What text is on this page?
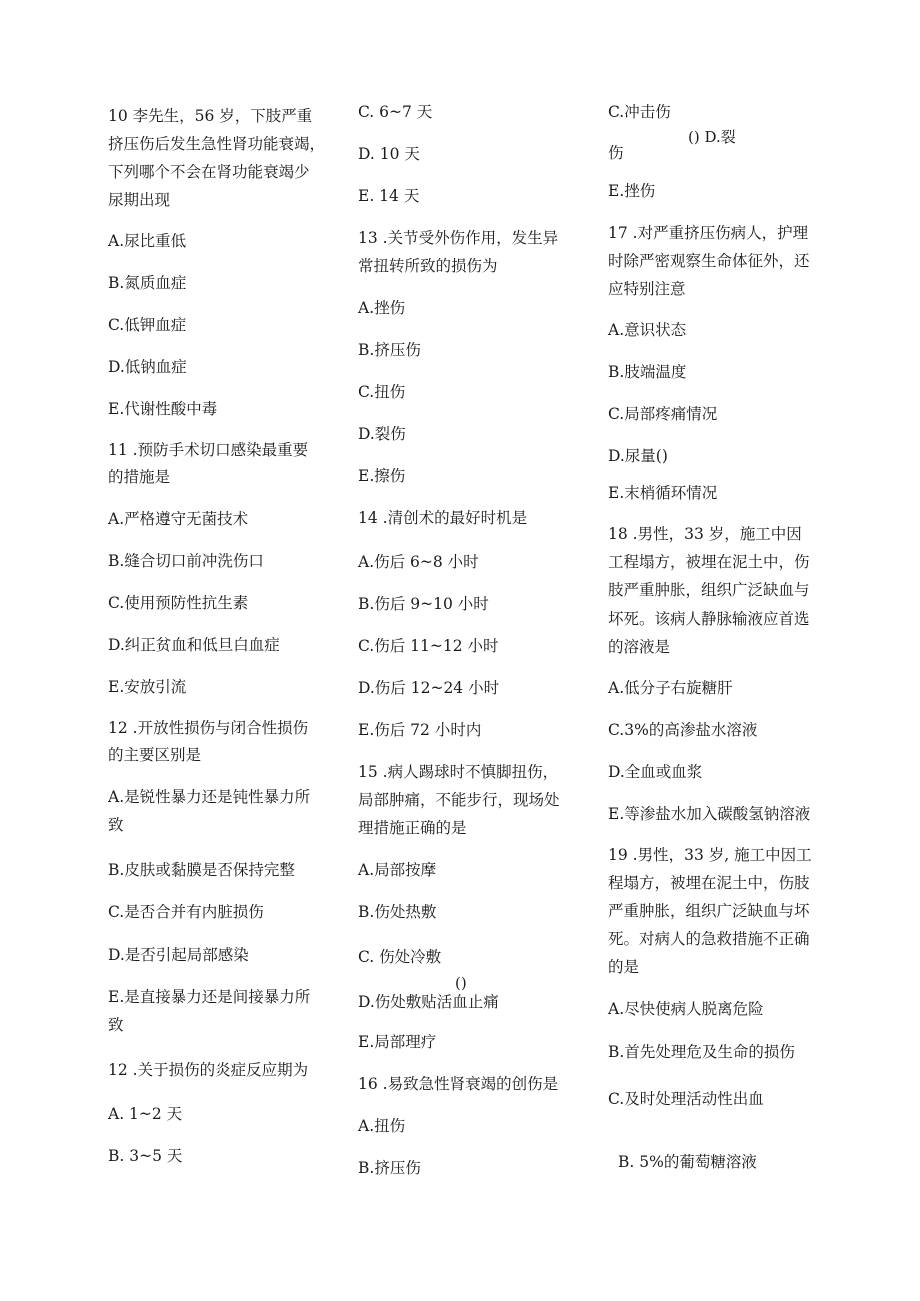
10 李先生，56 岁，下肢严重
挤压伤后发生急性肾功能衰竭，
下列哪个不会在肾功能衰竭少
尿期出现
A.尿比重低
B.氮质血症
C.低钾血症
D.低钠血症
E.代谢性酸中毒
11 .预防手术切口感染最重要
的措施是
A.严格遵守无菌技术
B.缝合切口前冲洗伤口
C.使用预防性抗生素
D.纠正贫血和低旦白血症
E.安放引流
12 .开放性损伤与闭合性损伤
的主要区别是
A.是锐性暴力还是钝性暴力所
致
B.皮肤或黏膜是否保持完整
C.是否合并有内脏损伤
D.是否引起局部感染
E.是直接暴力还是间接暴力所
致
12 .关于损伤的炎症反应期为
A. 1~2 天
B. 3~5 天
()
C. 6~7 天
D. 10 天
E. 14 天
13 .关节受外伤作用，发生异
常扭转所致的损伤为
A.挫伤
B.挤压伤
C.扭伤
D.裂伤
E.擦伤
14 .清创术的最好时机是
A.伤后 6~8 小时
B.伤后 9~10 小时
C.伤后 11~12 小时
D.伤后 12~24 小时
E.伤后 72 小时内
15 .病人踢球时不慎脚扭伤，
局部肿痛，不能步行，现场处
理措施正确的是
A.局部按摩
B.伤处热敷
C. 伤处冷敷
D.伤处敷贴活血止痛
E.局部理疗
16 .易致急性肾衰竭的创伤是
A.扭伤
B.挤压伤
() D.裂
C.冲击伤
伤
E.挫伤
17 .对严重挤压伤病人，护理
时除严密观察生命体征外，还
应特别注意
A.意识状态
B.肢端温度
C.局部疼痛情况
D.尿量()
E.末梢循环情况
18 .男性，33 岁，施工中因
工程塌方，被埋在泥土中，伤
肢严重肿胀，组织广泛缺血与
坏死。该病人静脉输液应首选
的溶液是
A.低分子右旋糖肝
C.3%的高渗盐水溶液
D.全血或血浆
E.等渗盐水加入碳酸氢钠溶液
19 .男性，33 岁, 施工中因工
程塌方，被埋在泥土中，伤肢
严重肿胀，组织广泛缺血与坏
死。对病人的急救措施不正确
的是
A.尽快使病人脱离危险
B.首先处理危及生命的损伤
C.及时处理活动性出血
B. 5%的葡萄糖溶液
